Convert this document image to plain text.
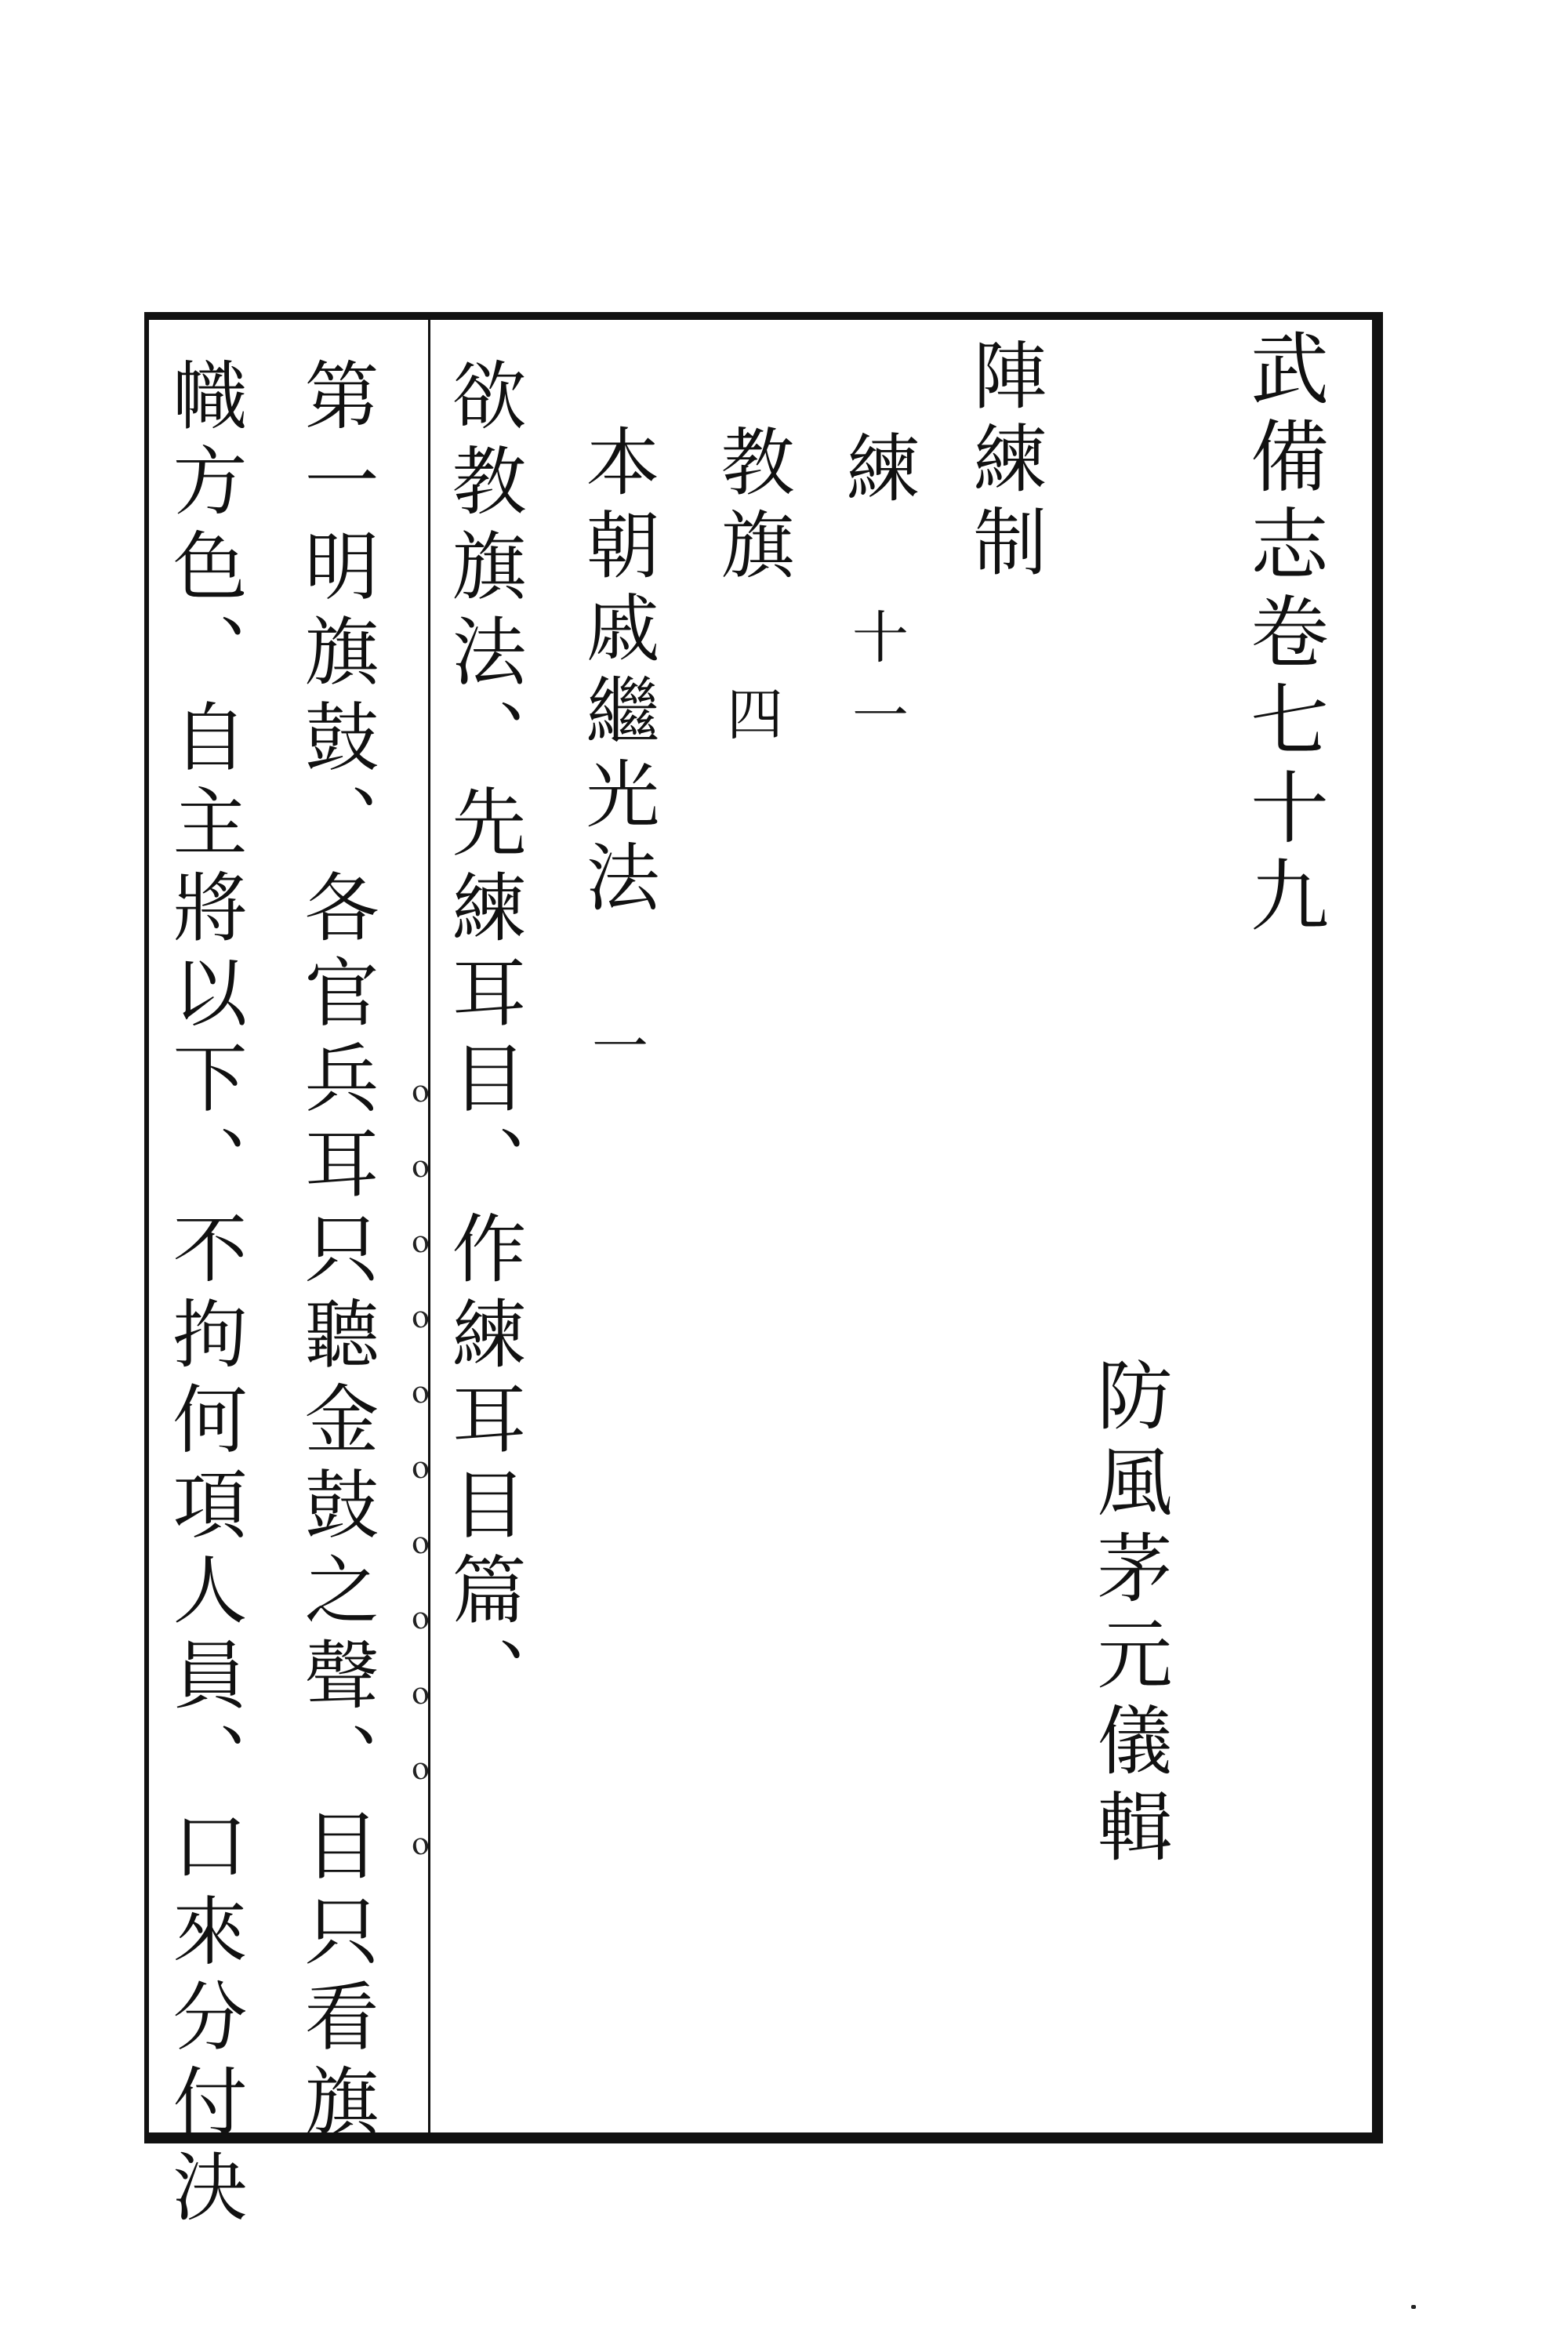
武備志卷七十九
防風茅元儀輯
陣練制
練 十一
教旗 四
本朝戚繼光法 一
欲教旗法、先練耳目、作練耳目篇、
ⲟⲟⲟⲟⲟⲟⲟⲟⲟⲟⲟ
第一明旗鼓、各官兵耳只聽金鼓之聲、目只看旗
幟方色、自主將以下、不拘何項人員、口來分付決
